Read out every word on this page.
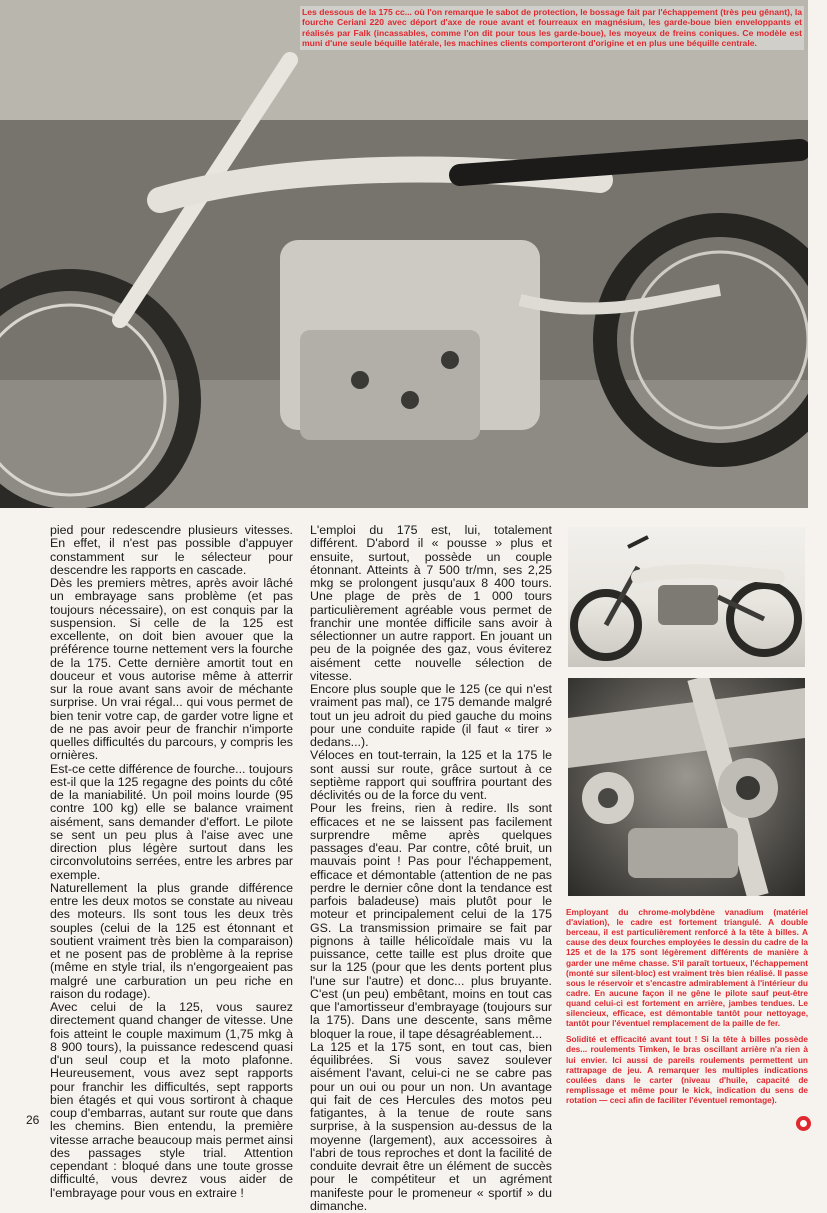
Les dessous de la 175 cc... où l'on remarque le sabot de protection, le bossage fait par l'échappement (très peu gênant), la fourche Ceriani 220 avec déport d'axe de roue avant et fourreaux en magnésium, les garde-boue bien enveloppants et réalisés par Falk (incassables, comme l'on dit pour tous les garde-boue), les moyeux de freins coniques. Ce modèle est muni d'une seule béquille latérale, les machines clients comporteront d'origine et en plus une béquille centrale.

pied pour redescendre plusieurs vitesses. En effet, il n'est pas possible d'appuyer constamment sur le sélecteur pour descendre les rapports en cascade.

Dès les premiers mètres, après avoir lâché un embrayage sans problème (et pas toujours nécessaire), on est conquis par la suspension. Si celle de la 125 est excellente, on doit bien avouer que la préférence tourne nettement vers la fourche de la 175. Cette dernière amortit tout en douceur et vous autorise même à atterrir sur la roue avant sans avoir de méchante surprise. Un vrai régal... qui vous permet de bien tenir votre cap, de garder votre ligne et de ne pas avoir peur de franchir n'importe quelles difficultés du parcours, y compris les ornières.

Est-ce cette différence de fourche... toujours est-il que la 125 regagne des points du côté de la maniabilité. Un poil moins lourde (95 contre 100 kg) elle se balance vraiment aisément, sans demander d'effort. Le pilote se sent un peu plus à l'aise avec une direction plus légère surtout dans les circonvolutoins serrées, entre les arbres par exemple.

Naturellement la plus grande différence entre les deux motos se constate au niveau des moteurs. Ils sont tous les deux très souples (celui de la 125 est étonnant et soutient vraiment très bien la comparaison) et ne posent pas de problème à la reprise (même en style trial, ils n'engorgeaient pas malgré une carburation un peu riche en raison du rodage).

Avec celui de la 125, vous saurez directement quand changer de vitesse. Une fois atteint le couple maximum (1,75 mkg à 8 900 tours), la puissance redescend quasi d'un seul coup et la moto plafonne. Heureusement, vous avez sept rapports pour franchir les difficultés, sept rapports bien étagés et qui vous sortiront à chaque coup d'embarras, autant sur route que dans les chemins. Bien entendu, la première vitesse arrache beaucoup mais permet ainsi des passages style trial. Attention cependant : bloqué dans une toute grosse difficulté, vous devrez vous aider de l'embrayage pour vous en extraire !

L'emploi du 175 est, lui, totalement différent. D'abord il « pousse » plus et ensuite, surtout, possède un couple étonnant. Atteints à 7 500 tr/mn, ses 2,25 mkg se prolongent jusqu'aux 8 400 tours. Une plage de près de 1 000 tours particulièrement agréable vous permet de franchir une montée difficile sans avoir à sélectionner un autre rapport. En jouant un peu de la poignée des gaz, vous éviterez aisément cette nouvelle sélection de vitesse.

Encore plus souple que le 125 (ce qui n'est vraiment pas mal), ce 175 demande malgré tout un jeu adroit du pied gauche du moins pour une conduite rapide (il faut « tirer » dedans...).

Véloces en tout-terrain, la 125 et la 175 le sont aussi sur route, grâce surtout à ce septième rapport qui souffrira pourtant des déclivités ou de la force du vent.

Pour les freins, rien à redire. Ils sont efficaces et ne se laissent pas facilement surprendre même après quelques passages d'eau. Par contre, côté bruit, un mauvais point ! Pas pour l'échappement, efficace et démontable (attention de ne pas perdre le dernier cône dont la tendance est parfois baladeuse) mais plutôt pour le moteur et principalement celui de la 175 GS. La transmission primaire se fait par pignons à taille hélicoïdale mais vu la puissance, cette taille est plus droite que sur la 125 (pour que les dents portent plus l'une sur l'autre) et donc... plus bruyante. C'est (un peu) embêtant, moins en tout cas que l'amortisseur d'embrayage (toujours sur la 175). Dans une descente, sans même bloquer la roue, il tape désagréablement...

La 125 et la 175 sont, en tout cas, bien équilibrées. Si vous savez soulever aisément l'avant, celui-ci ne se cabre pas pour un oui ou pour un non. Un avantage qui fait de ces Hercules des motos peu fatigantes, à la tenue de route sans surprise, à la suspension au-dessus de la moyenne (largement), aux accessoires à l'abri de tous reproches et dont la facilité de conduite devrait être un élément de succès pour le compétiteur et un agrément manifeste pour le promeneur « sportif » du dimanche.

Employant du chrome-molybdène vanadium (matériel d'aviation), le cadre est fortement triangulé. A double berceau, il est particulièrement renforcé à la tête à billes. A cause des deux fourches employées le dessin du cadre de la 125 et de la 175 sont légèrement différents de manière à garder une même chasse. S'il paraît tortueux, l'échappement (monté sur silent-bloc) est vraiment très bien réalisé. Il passe sous le réservoir et s'encastre admirablement à l'intérieur du cadre. En aucune façon il ne gêne le pilote sauf peut-être quand celui-ci est fortement en arrière, jambes tendues. Le silencieux, efficace, est démontable tantôt pour nettoyage, tantôt pour l'éventuel remplacement de la paille de fer.

Solidité et efficacité avant tout ! Si la tête à billes possède des... roulements Timken, le bras oscillant arrière n'a rien à lui envier. Ici aussi de pareils roulements permettent un rattrapage de jeu. A remarquer les multiples indications coulées dans le carter (niveau d'huile, capacité de remplissage et même pour le kick, indication du sens de rotation — ceci afin de faciliter l'éventuel remontage).

26
